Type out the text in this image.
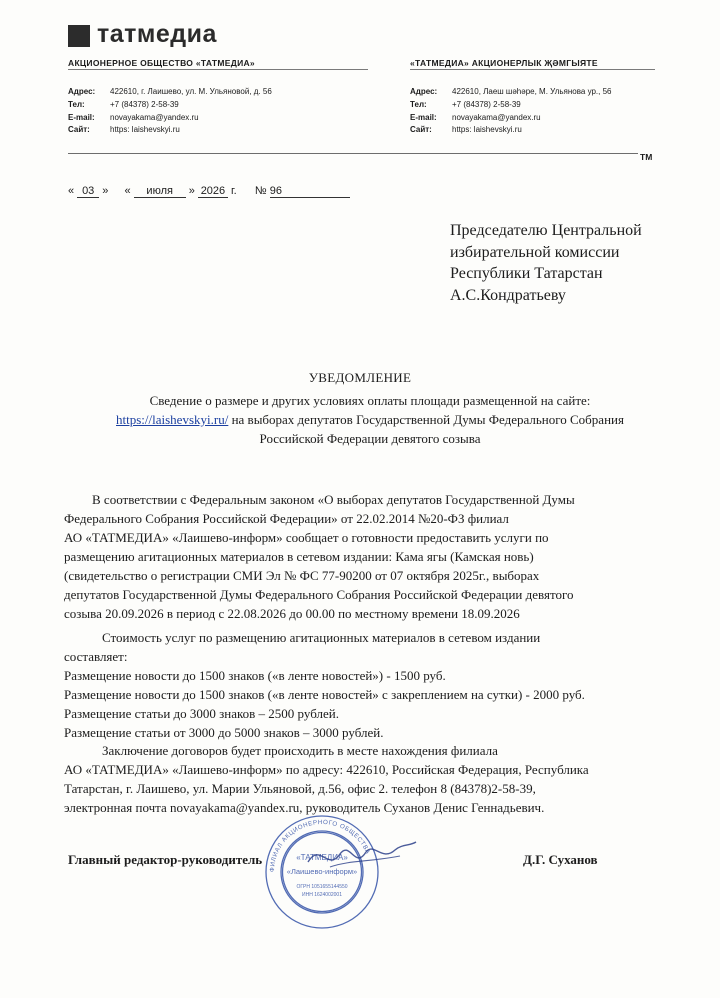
татмедиа
АКЦИОНЕРНОЕ ОБЩЕСТВО «ТАТМЕДИА»	«ТАТМЕДИА» АКЦИОНЕРЛЫК ҖӘМГЫЯТЕ
Адрес: 422610, г. Лаишево, ул. М. Ульяновой, д. 56
Тел:	+7 (84378) 2-58-39
E-mail: novayakama@yandex.ru
Сайт:	https: laishevskyi.ru
Адрес: 422610, Лаеш шәһәре, М. Ульянова ур., 56
Тел:	+7 (84378) 2-58-39
E-mail: novayakama@yandex.ru
Сайт:	https: laishevskyi.ru
ТМ
« 03 » « июля » 2026 г. № 96
Председателю Центральной
избирательной комиссии
Республики Татарстан
А.С.Кондратьеву
УВЕДОМЛЕНИЕ
Сведение о размере и других условиях оплаты площади размещенной на сайте:
https://laishevskyi.ru/ на выборах депутатов Государственной Думы Федерального Собрания
Российской Федерации девятого созыва

В соответствии с Федеральным законом «О выборах депутатов Государственной Думы

Федерального Собрания Российской Федерации» от 22.02.2014 №20-ФЗ филиал

АО «ТАТМЕДИА» «Лаишево-информ» сообщает о готовности предоставить услуги по

размещению агитационных материалов в сетевом издании: Кама ягы (Камская новь)

(свидетельство о регистрации СМИ Эл № ФС 77-90200 от 07 октября 2025г., выборах

депутатов Государственной Думы Федерального Собрания Российской Федерации девятого

созыва 20.09.2026 в период с 22.08.2026 до 00.00 по местному времени 18.09.2026

Стоимость услуг по размещению агитационных материалов в сетевом издании

составляет:

Размещение новости до 1500 знаков («в ленте новостей») - 1500 руб.

Размещение новости до 1500 знаков («в ленте новостей» с закреплением на сутки) - 2000 руб.

Размещение статьи до 3000 знаков – 2500 рублей.

Размещение статьи от 3000 до 5000 знаков – 3000 рублей.

Заключение договоров будет происходить в месте нахождения филиала

АО «ТАТМЕДИА» «Лаишево-информ» по адресу: 422610, Российская Федерация, Республика

Татарстан, г. Лаишево, ул. Марии Ульяновой, д.56, офис 2. телефон 8 (84378)2-58-39,

электронная почта novayakama@yandex.ru, руководитель Суханов Денис Геннадьевич.

Главный редактор-руководитель	Д.Г. Суханов
ФИЛИАЛ АКЦИОНЕРНОГО ОБЩЕСТВА
«ТАТМЕДИА»
«Лаишево-информ»
ОГРН 1051655144550
ИНН 1624002001
